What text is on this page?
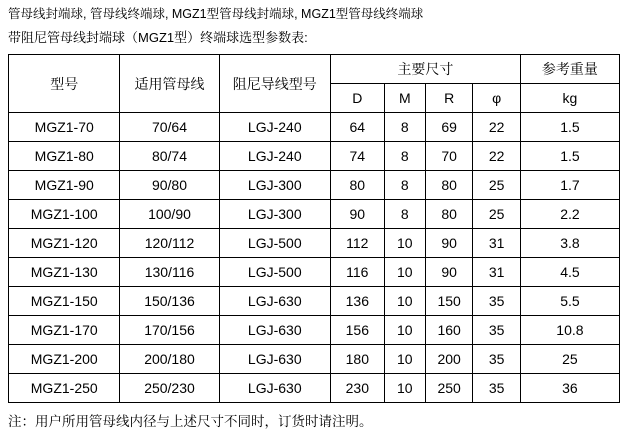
管母线封端球, 管母线终端球, MGZ1型管母线封端球, MGZ1型管母线终端球
带阻尼管母线封端球（MGZ1型）终端球选型参数表:
型号	适用管母线	阻尼导线型号	主要尺寸				参考重量
			D	M	R	φ	kg
MGZ1-70	70/64	LGJ-240	64	8	69	22	1.5
MGZ1-80	80/74	LGJ-240	74	8	70	22	1.5
MGZ1-90	90/80	LGJ-300	80	8	80	25	1.7
MGZ1-100	100/90	LGJ-300	90	8	80	25	2.2
MGZ1-120	120/112	LGJ-500	112	10	90	31	3.8
MGZ1-130	130/116	LGJ-500	116	10	90	31	4.5
MGZ1-150	150/136	LGJ-630	136	10	150	35	5.5
MGZ1-170	170/156	LGJ-630	156	10	160	35	10.8
MGZ1-200	200/180	LGJ-630	180	10	200	35	25
MGZ1-250	250/230	LGJ-630	230	10	250	35	36
注：用户所用管母线内径与上述尺寸不同时，订货时请注明。
